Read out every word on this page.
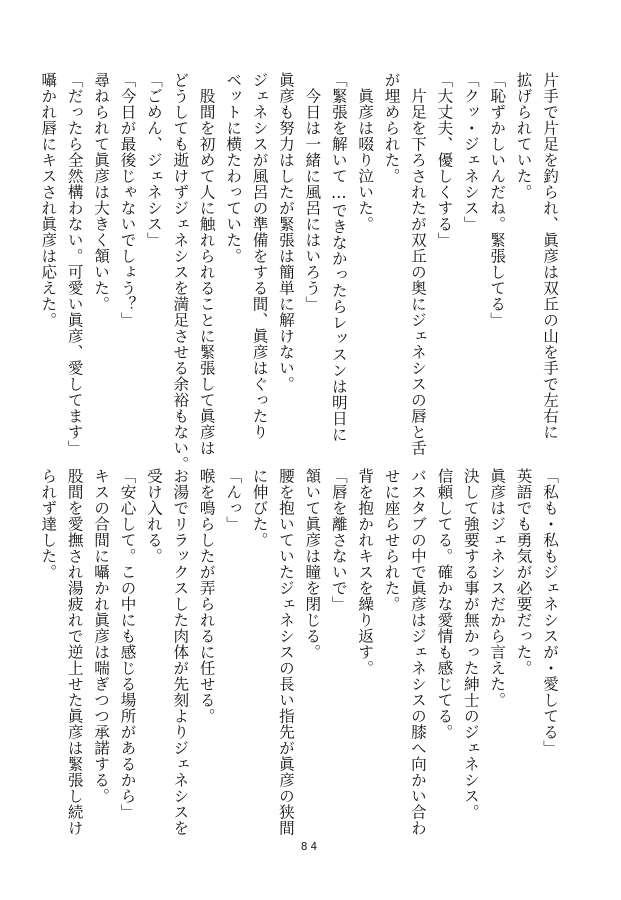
片手で片足を釣られ、眞彦は双丘の山を手で左右に

拡げられていた。

「恥ずかしいんだね。緊張してる」

「クッ・ジェネシス」

「大丈夫、優しくする」

　片足を下ろされたが双丘の奥にジェネシスの唇と舌

が埋められた。

　眞彦は啜り泣いた。

「緊張を解いて…できなかったらレッスンは明日に

　今日は一緒に風呂にはいろう」

眞彦も努力はしたが緊張は簡単に解けない。

ジェネシスが風呂の準備をする間、眞彦はぐったり

ベットに横たわっていた。

　股間を初めて人に触れられることに緊張して眞彦は

どうしても逝けずジェネシスを満足させる余裕もない。

「ごめん、ジェネシス」

「今日が最後じゃないでしょう？」

尋ねられて眞彦は大きく頷いた。

「だったら全然構わない。可愛い眞彦、愛してます」

囁かれ唇にキスされ眞彦は応えた。

「私も・私もジェネシスが・愛してる」

英語でも勇気が必要だった。

眞彦はジェネシスだから言えた。

決して強要する事が無かった紳士のジェネシス。

信頼してる。確かな愛情も感じてる。

バスタブの中で眞彦はジェネシスの膝へ向かい合わ

せに座らせられた。

背を抱かれキスを繰り返す。

「唇を離さないで」

頷いて眞彦は瞳を閉じる。

腰を抱いていたジェネシスの長い指先が眞彦の狭間

に伸びた。

「んっ」

喉を鳴らしたが弄られるに任せる。

お湯でリラックスした肉体が先刻よりジェネシスを

受け入れる。

「安心して。この中にも感じる場所があるから」

キスの合間に囁かれ眞彦は喘ぎつつ承諾する。

股間を愛撫され湯疲れで逆上せた眞彦は緊張し続け

られず達した。

84
